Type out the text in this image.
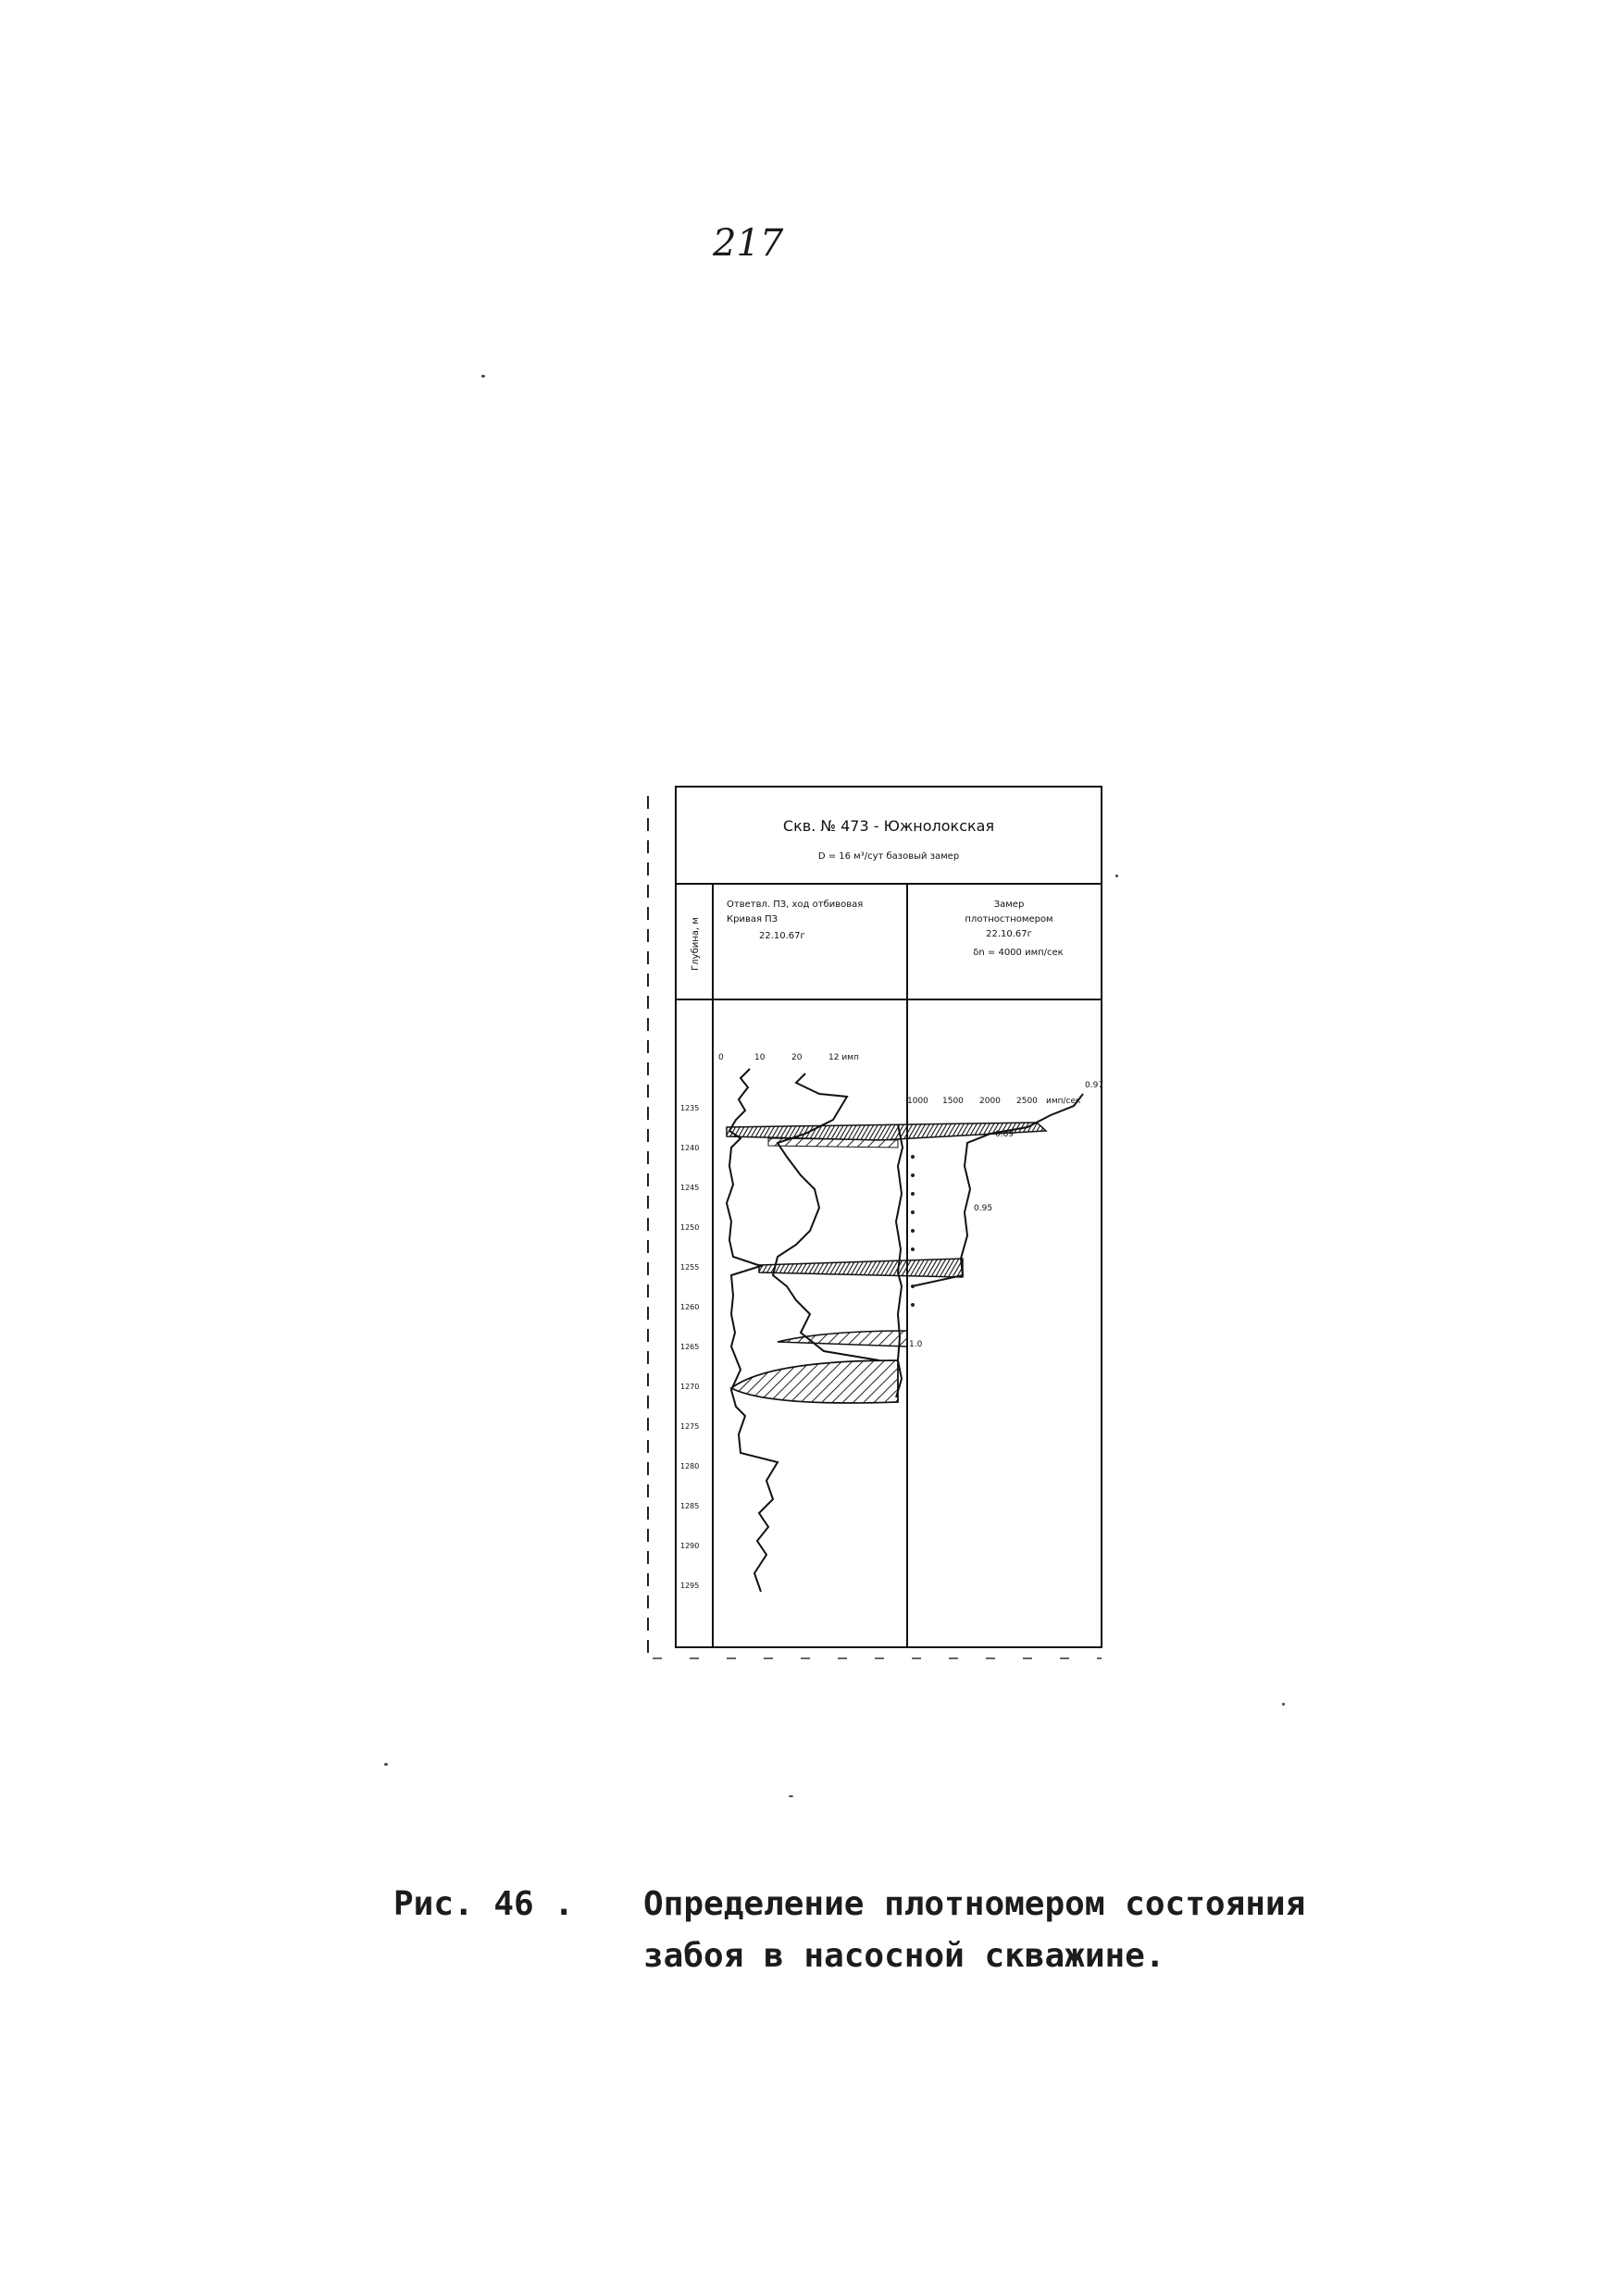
217
Скв. № 473 - Южнолокская
D = 16 м³/сут базовый замер
Глубина, м
Ответвл. ПЗ, ход отбивовая
Кривая ПЗ
22.10.67г
Замер
плотностномером
22.10.67г
δn = 4000 имп/сек
0	10	20	12 имп
1000 1500 2000 2500 имп/сек
1235
1240
1245
1250
1255
1260
1265
1270
1275
1280
1285
1290
1295
0.89
0.95
1.0
0.97
Рис. 46 . Определение плотномером состояния
забоя в насосной скважине.
